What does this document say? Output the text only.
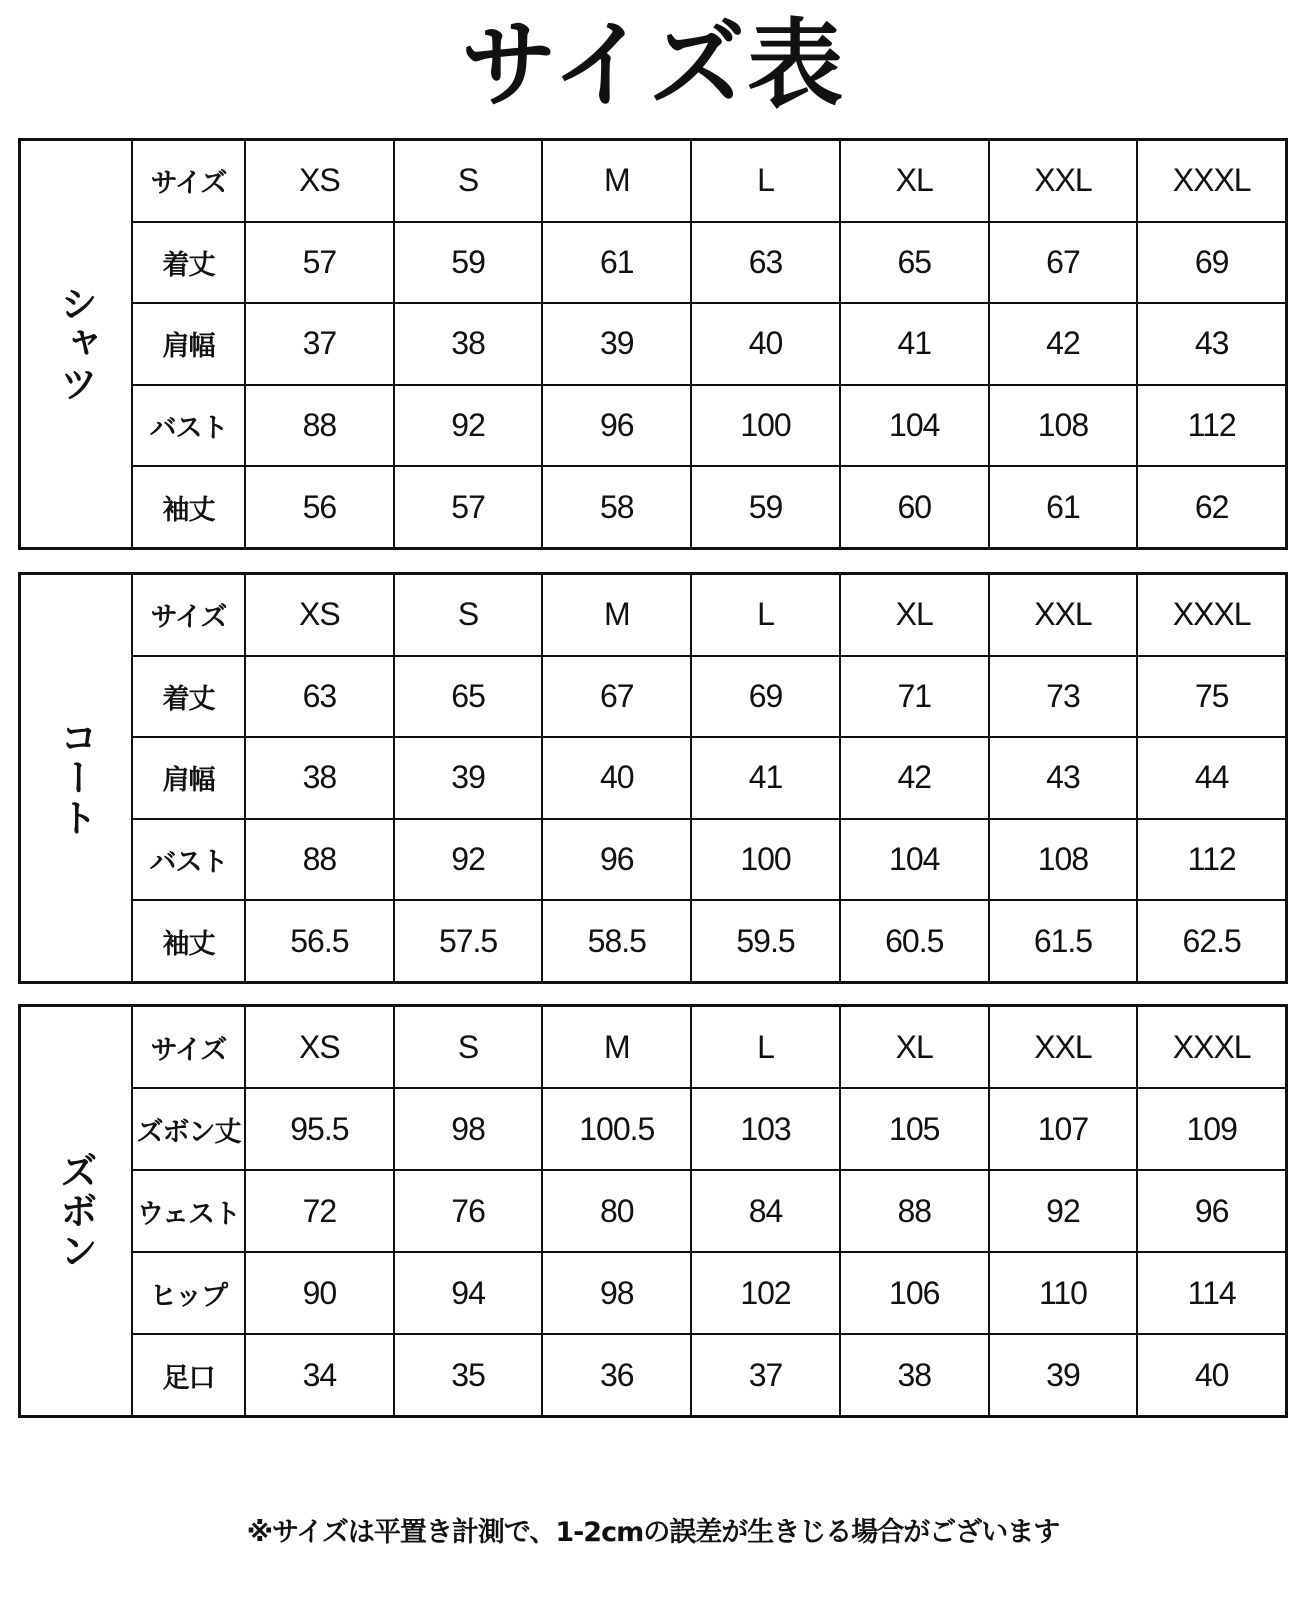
サイズ表
シャツ
サイズ	XS	S	M	L	XL	XXL	XXXL
着丈	57	59	61	63	65	67	69
肩幅	37	38	39	40	41	42	43
バスト	88	92	96	100	104	108	112
袖丈	56	57	58	59	60	61	62
コート
サイズ	XS	S	M	L	XL	XXL	XXXL
着丈	63	65	67	69	71	73	75
肩幅	38	39	40	41	42	43	44
バスト	88	92	96	100	104	108	112
袖丈	56.5	57.5	58.5	59.5	60.5	61.5	62.5
ズボン
サイズ	XS	S	M	L	XL	XXL	XXXL
ズボン丈	95.5	98	100.5	103	105	107	109
ウェスト	72	76	80	84	88	92	96
ヒップ	90	94	98	102	106	110	114
足口	34	35	36	37	38	39	40
※サイズは平置き計測で、1-2cmの誤差が生きじる場合がございます
